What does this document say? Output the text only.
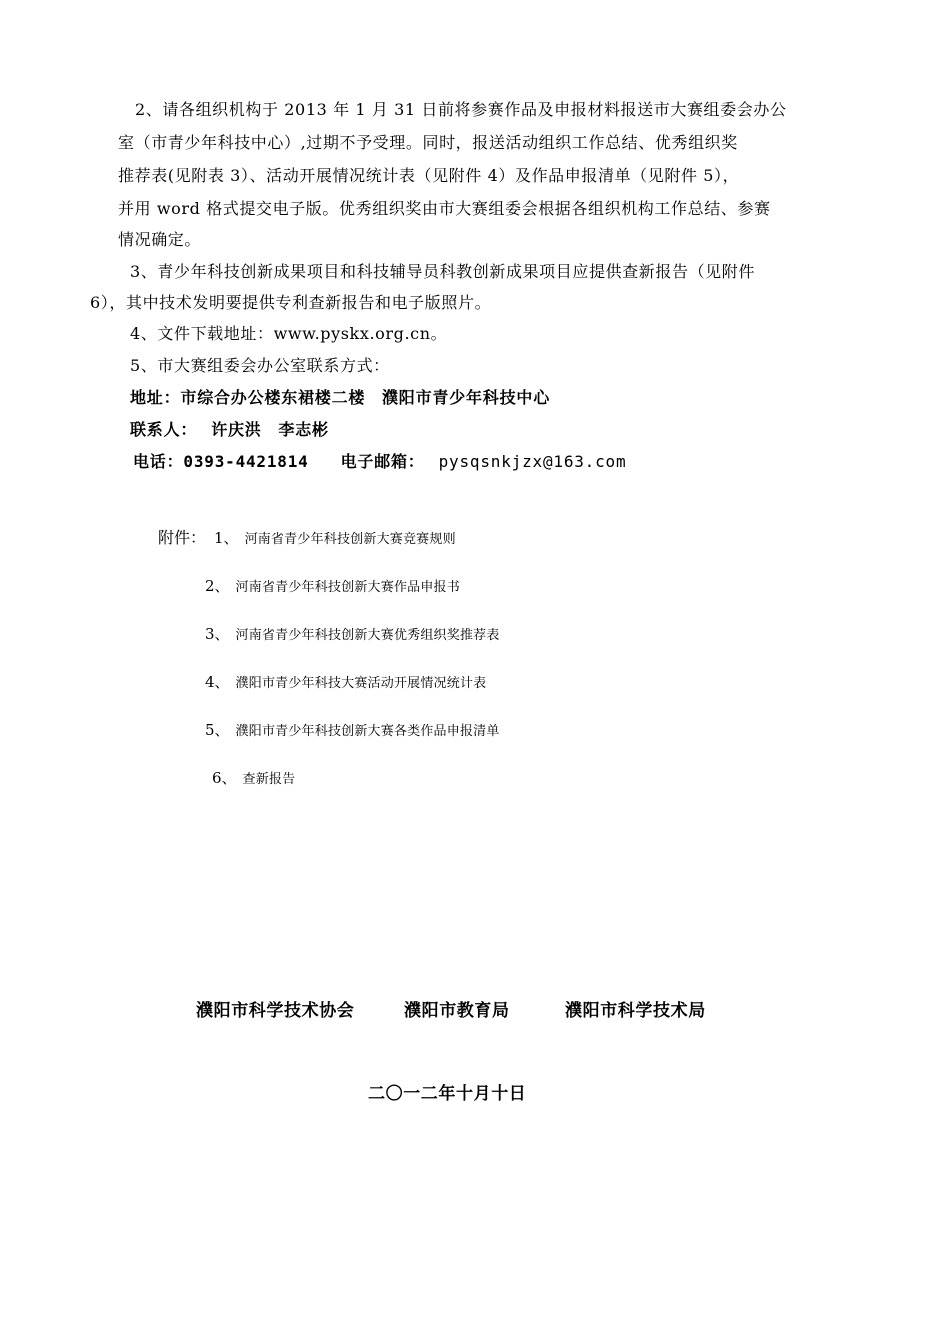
2、请各组织机构于 2013 年 1 月 31 日前将参赛作品及申报材料报送市大赛组委会办公
室（市青少年科技中心）,过期不予受理。同时，报送活动组织工作总结、优秀组织奖
推荐表(见附表 3）、活动开展情况统计表（见附件 4）及作品申报清单（见附件 5），
并用 word 格式提交电子版。优秀组织奖由市大赛组委会根据各组织机构工作总结、参赛
情况确定。
3、青少年科技创新成果项目和科技辅导员科教创新成果项目应提供查新报告（见附件
6），其中技术发明要提供专利查新报告和电子版照片。
4、文件下载地址：www.pyskx.org.cn。
5、市大赛组委会办公室联系方式：
地址：市综合办公楼东裙楼二楼　濮阳市青少年科技中心
联系人： 许庆洪　李志彬
电话：0393-4421814 电子邮箱： pysqsnkjzx@163.com
附件： 1、 河南省青少年科技创新大赛竞赛规则
2、 河南省青少年科技创新大赛作品申报书
3、 河南省青少年科技创新大赛优秀组织奖推荐表
4、 濮阳市青少年科技大赛活动开展情况统计表
5、 濮阳市青少年科技创新大赛各类作品申报清单
6、 查新报告
濮阳市科学技术协会	濮阳市教育局	濮阳市科学技术局
二〇一二年十月十日
